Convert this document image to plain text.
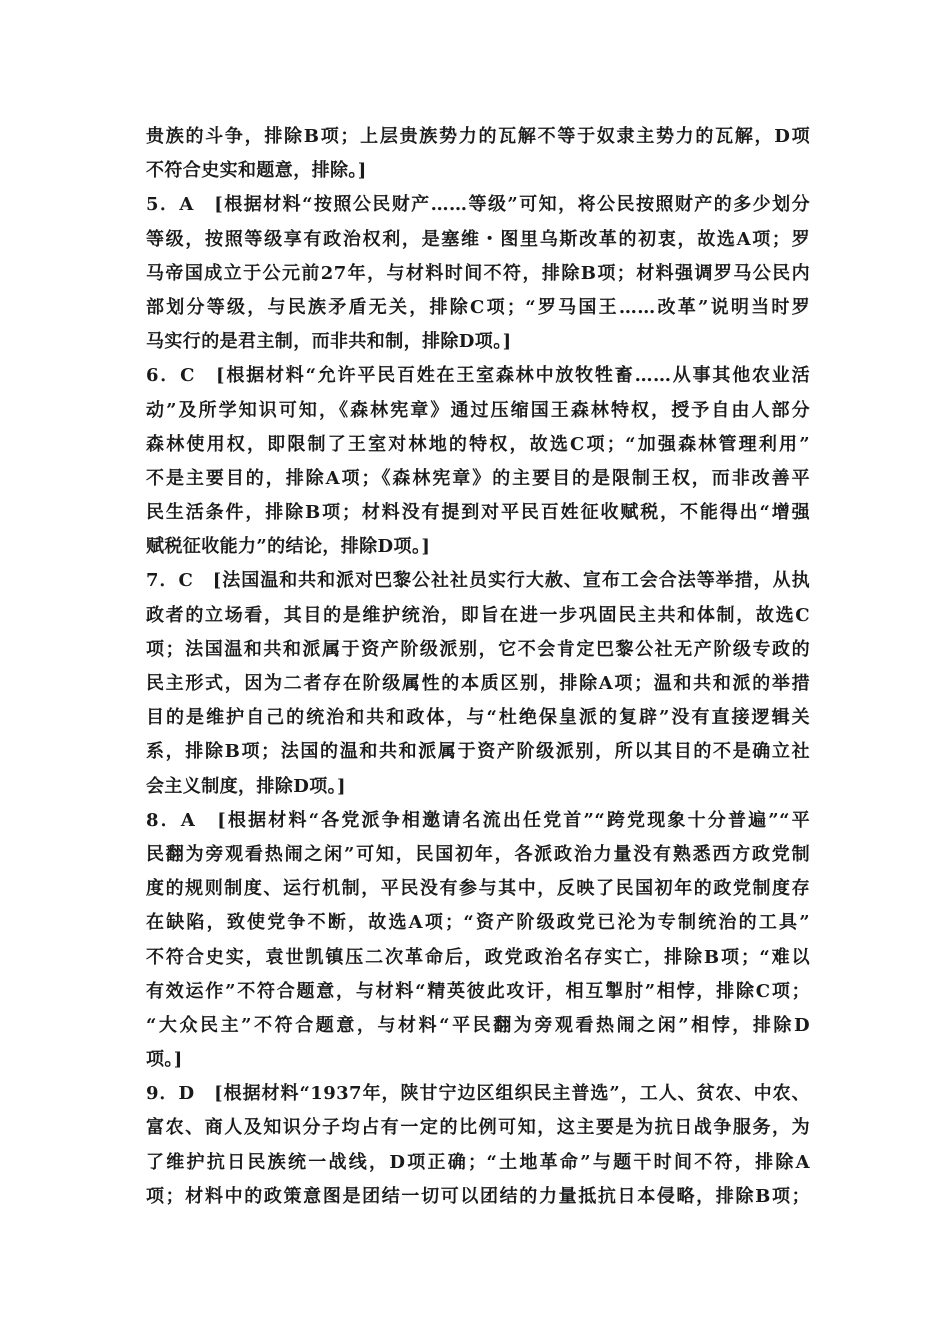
贵族的斗争，排除B项；上层贵族势力的瓦解不等于奴隶主势力的瓦解，D项
不符合史实和题意，排除。]
5．A　[根据材料“按照公民财产……等级”可知，将公民按照财产的多少划分
等级，按照等级享有政治权利，是塞维・图里乌斯改革的初衷，故选A项；罗
马帝国成立于公元前27年，与材料时间不符，排除B项；材料强调罗马公民内
部划分等级，与民族矛盾无关，排除C项；“罗马国王……改革”说明当时罗
马实行的是君主制，而非共和制，排除D项。]
6．C　[根据材料“允许平民百姓在王室森林中放牧牲畜……从事其他农业活
动”及所学知识可知，《森林宪章》通过压缩国王森林特权，授予自由人部分
森林使用权，即限制了王室对林地的特权，故选C项；“加强森林管理利用”
不是主要目的，排除A项；《森林宪章》的主要目的是限制王权，而非改善平
民生活条件，排除B项；材料没有提到对平民百姓征收赋税，不能得出“增强
赋税征收能力”的结论，排除D项。]
7．C　[法国温和共和派对巴黎公社社员实行大赦、宣布工会合法等举措，从执
政者的立场看，其目的是维护统治，即旨在进一步巩固民主共和体制，故选C
项；法国温和共和派属于资产阶级派别，它不会肯定巴黎公社无产阶级专政的
民主形式，因为二者存在阶级属性的本质区别，排除A项；温和共和派的举措
目的是维护自己的统治和共和政体，与“杜绝保皇派的复辟”没有直接逻辑关
系，排除B项；法国的温和共和派属于资产阶级派别，所以其目的不是确立社
会主义制度，排除D项。]
8．A　[根据材料“各党派争相邀请名流出任党首”“跨党现象十分普遍”“平
民翻为旁观看热闹之闲”可知，民国初年，各派政治力量没有熟悉西方政党制
度的规则制度、运行机制，平民没有参与其中，反映了民国初年的政党制度存
在缺陷，致使党争不断，故选A项；“资产阶级政党已沦为专制统治的工具”
不符合史实，袁世凯镇压二次革命后，政党政治名存实亡，排除B项；“难以
有效运作”不符合题意，与材料“精英彼此攻讦，相互掣肘”相悖，排除C项；
“大众民主”不符合题意，与材料“平民翻为旁观看热闹之闲”相悖，排除D
项。]
9．D　[根据材料“1937年，陕甘宁边区组织民主普选”，工人、贫农、中农、
富农、商人及知识分子均占有一定的比例可知，这主要是为抗日战争服务，为
了维护抗日民族统一战线，D项正确；“土地革命”与题干时间不符，排除A
项；材料中的政策意图是团结一切可以团结的力量抵抗日本侵略，排除B项；
